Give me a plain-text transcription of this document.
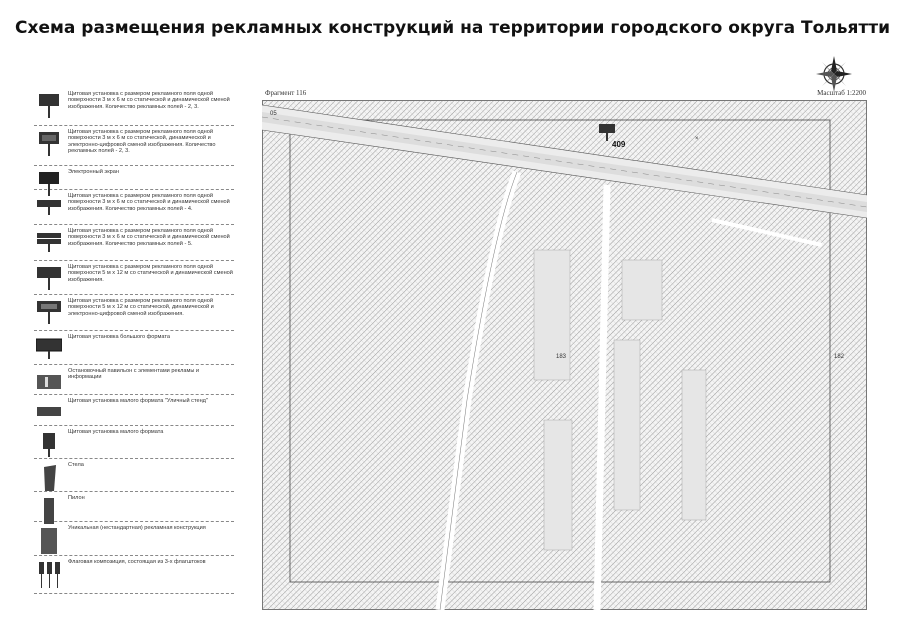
Схема размещения рекламных конструкций на территории городского округа Тольятти
Щитовая установка с размером рекламного поля одной поверхности 3 м х 6 м со статической и динамической сменой изображения. Количество рекламных полей - 2, 3.
Щитовая установка с размером рекламного поля одной поверхности 3 м х 6 м со статической, динамической и электронно-цифровой сменой изображения. Количество рекламных полей - 2, 3.
Электронный экран
Щитовая установка с размером рекламного поля одной поверхности 3 м х 6 м со статической и динамической сменой изображения. Количество рекламных полей - 4.
Щитовая установка с размером рекламного поля одной поверхности 3 м х 6 м со статической и динамической сменой изображения. Количество рекламных полей - 5.
Щитовая установка с размером рекламного поля одной поверхности 5 м х 12 м со статической и динамической сменой изображения.
Щитовая установка с размером рекламного поля одной поверхности 5 м х 12 м со статической, динамической и электронно-цифровой сменой изображения.
Щитовая установка большого формата
Остановочный павильон с элементами рекламы и информации
Щитовая установка малого формата "Уличный стенд"
Щитовая установка малого формата
Стела
Пилон
Уникальная (нестандартная) рекламная конструкция
Флаговая композиция, состоящая из 3-х флагштоков
Фрагмент 116	Масштаб 1:2200
×
409
183	182
05
